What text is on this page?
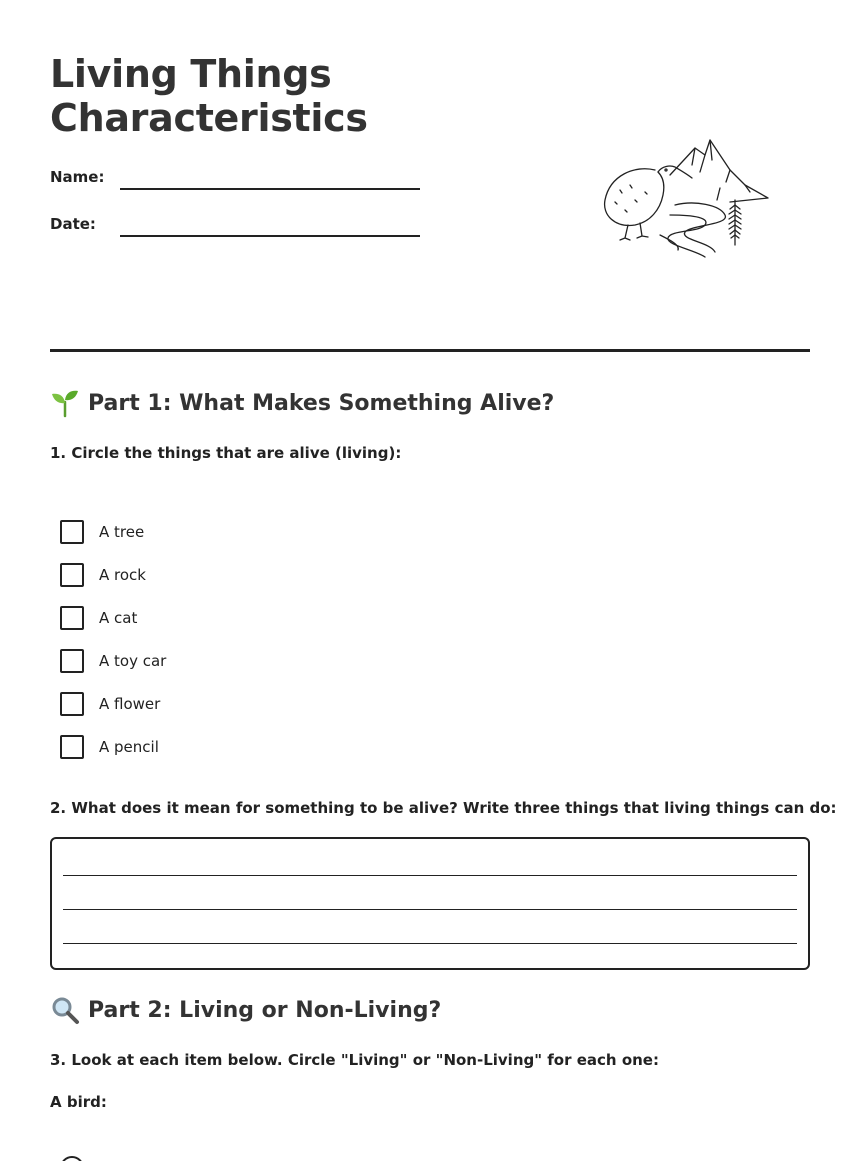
Living Things Characteristics
Name:
Date:
Part 1: What Makes Something Alive?
1. Circle the things that are alive (living):
A tree
A rock
A cat
A toy car
A flower
A pencil
2. What does it mean for something to be alive? Write three things that living things can do:
Part 2: Living or Non-Living?
3. Look at each item below. Circle "Living" or "Non-Living" for each one:
A bird:
